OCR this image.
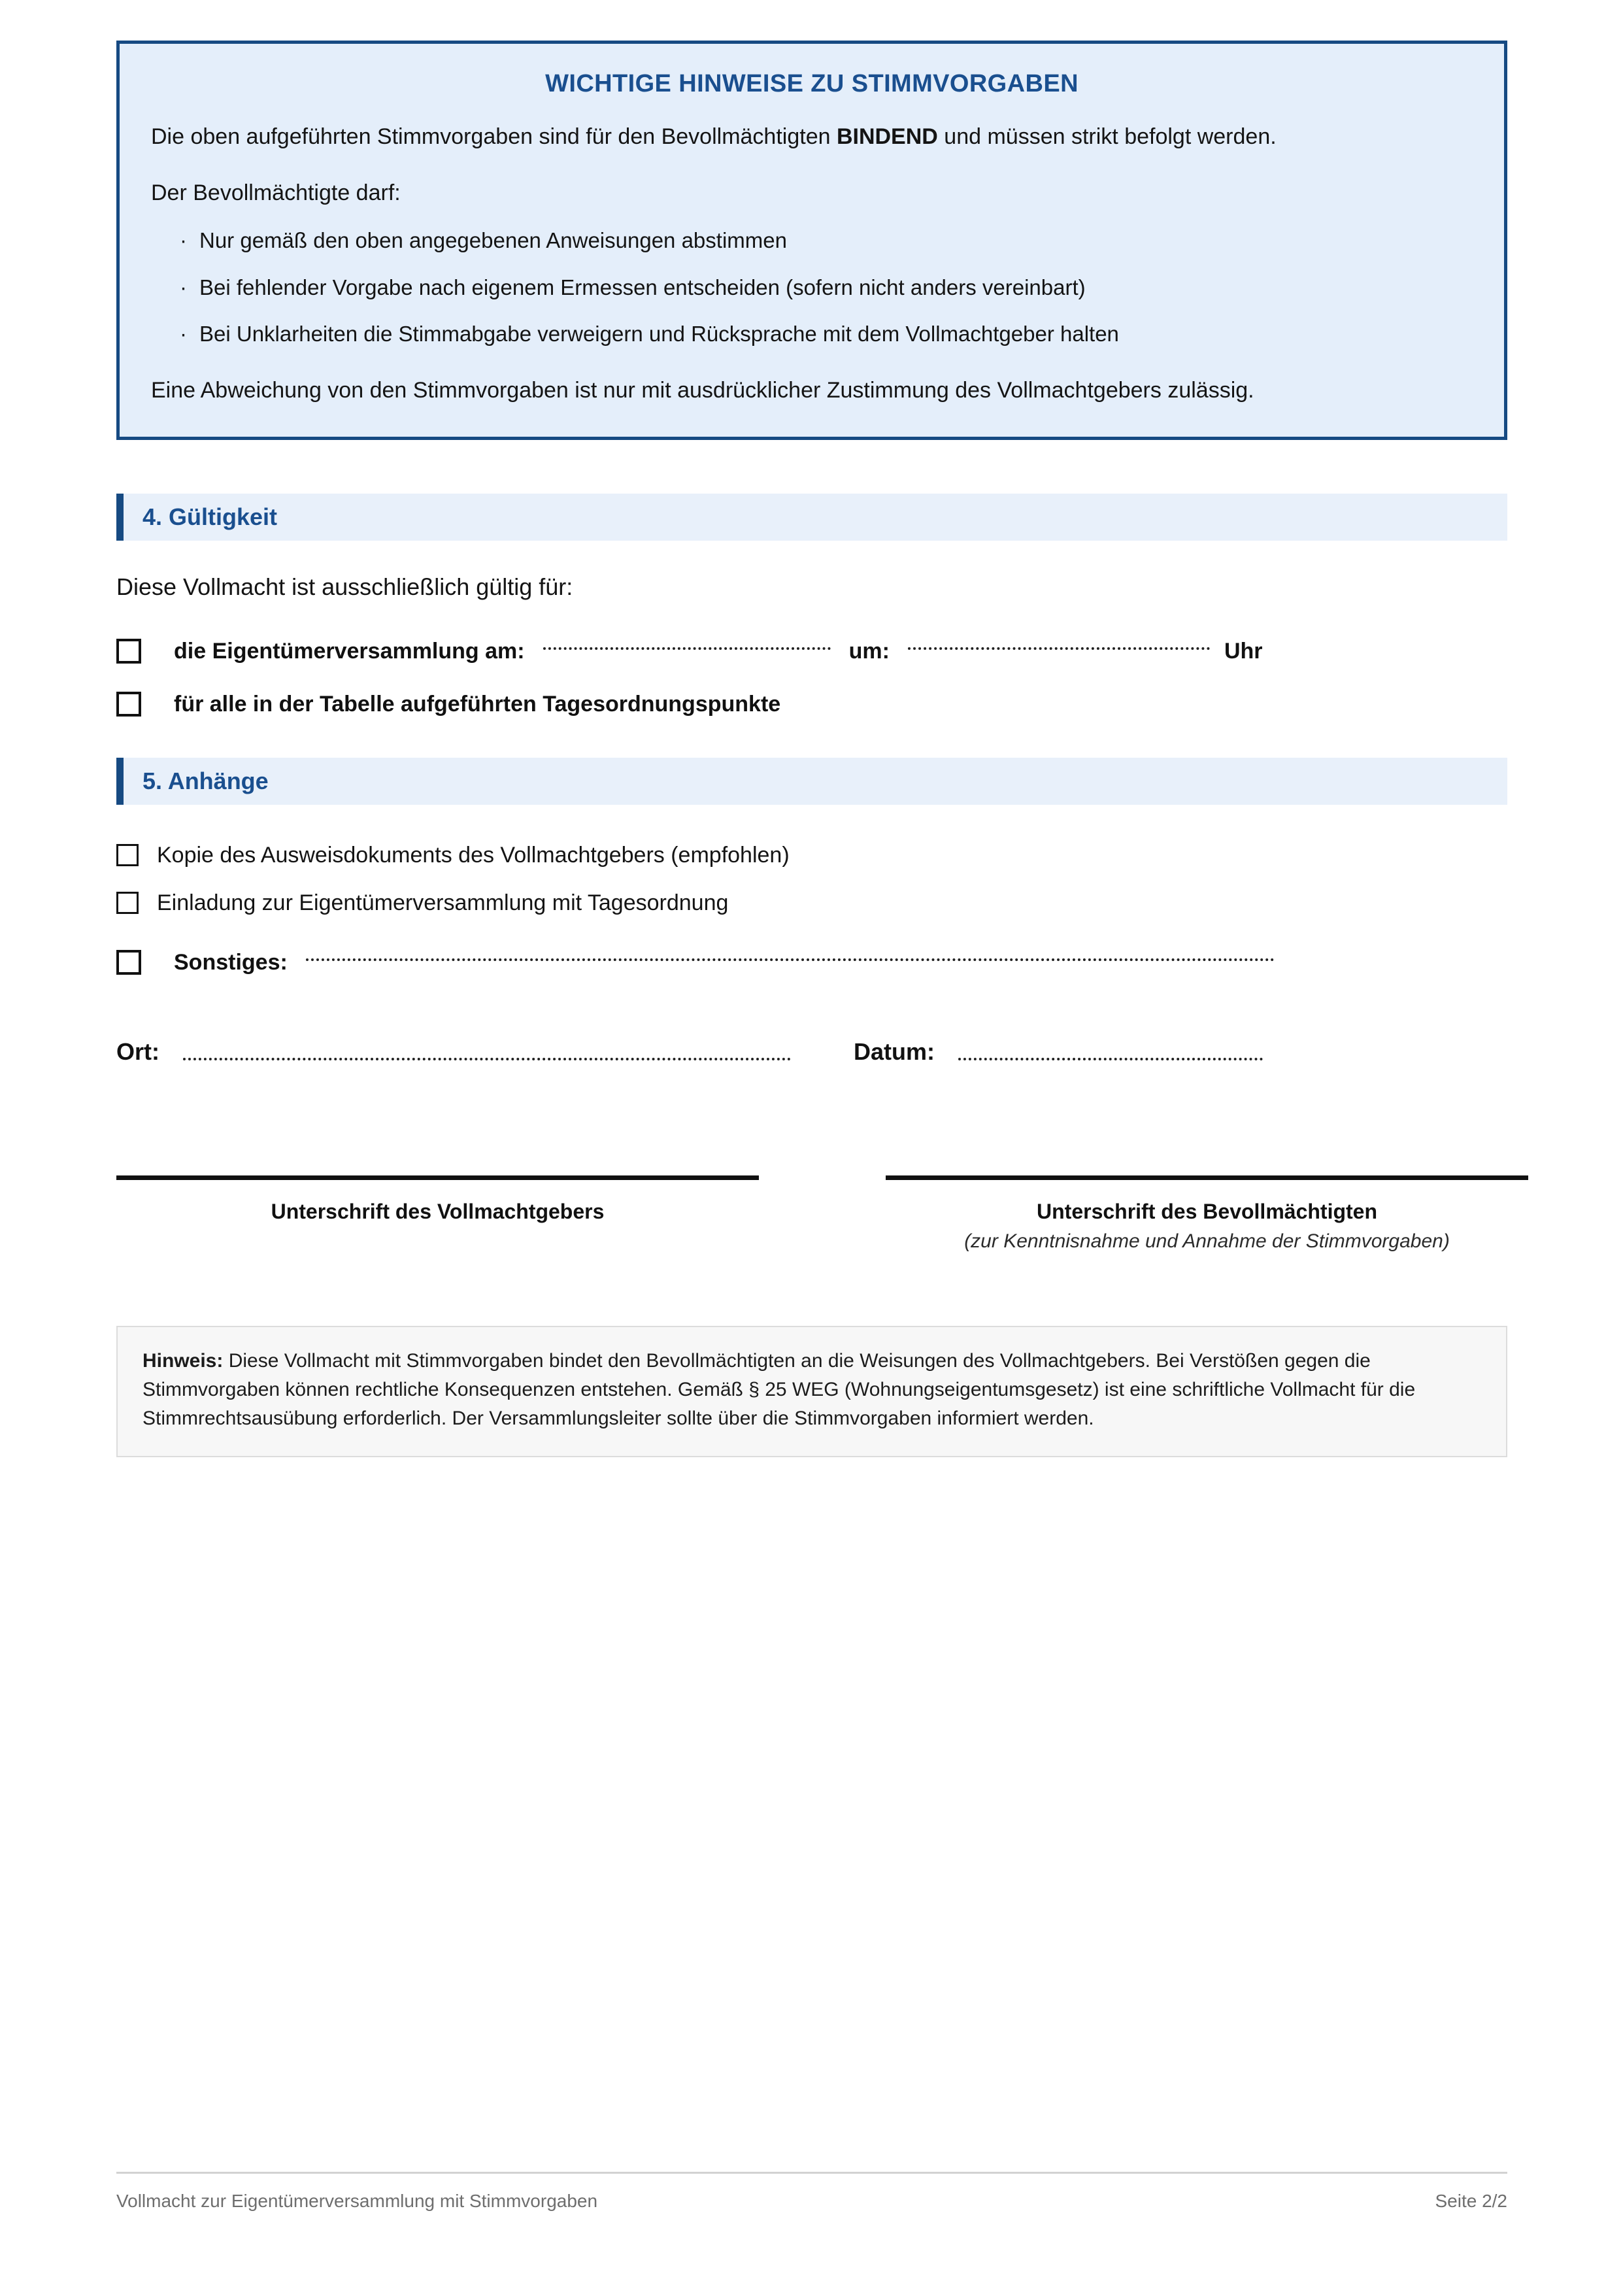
WICHTIGE HINWEISE ZU STIMMVORGABEN

Die oben aufgeführten Stimmvorgaben sind für den Bevollmächtigten BINDEND und müssen strikt befolgt werden.

Der Bevollmächtigte darf:

· Nur gemäß den oben angegebenen Anweisungen abstimmen
· Bei fehlender Vorgabe nach eigenem Ermessen entscheiden (sofern nicht anders vereinbart)
· Bei Unklarheiten die Stimmabgabe verweigern und Rücksprache mit dem Vollmachtgeber halten

Eine Abweichung von den Stimmvorgaben ist nur mit ausdrücklicher Zustimmung des Vollmachtgebers zulässig.

4. Gültigkeit

Diese Vollmacht ist ausschließlich gültig für:

die Eigentümerversammlung am:	um:	Uhr
für alle in der Tabelle aufgeführten Tagesordnungspunkte
5. Anhänge
Kopie des Ausweisdokuments des Vollmachtgebers (empfohlen)
Einladung zur Eigentümerversammlung mit Tagesordnung
Sonstiges:
Ort:	Datum:
Unterschrift des Vollmachtgebers	Unterschrift des Bevollmächtigten
(zur Kenntnisnahme und Annahme der Stimmvorgaben)

Hinweis: Diese Vollmacht mit Stimmvorgaben bindet den Bevollmächtigten an die Weisungen des Vollmachtgebers. Bei Verstößen gegen die Stimmvorgaben können rechtliche Konsequenzen entstehen. Gemäß § 25 WEG (Wohnungseigentumsgesetz) ist eine schriftliche Vollmacht für die Stimmrechtsausübung erforderlich. Der Versammlungsleiter sollte über die Stimmvorgaben informiert werden.

Vollmacht zur Eigentümerversammlung mit Stimmvorgaben	Seite 2/2
